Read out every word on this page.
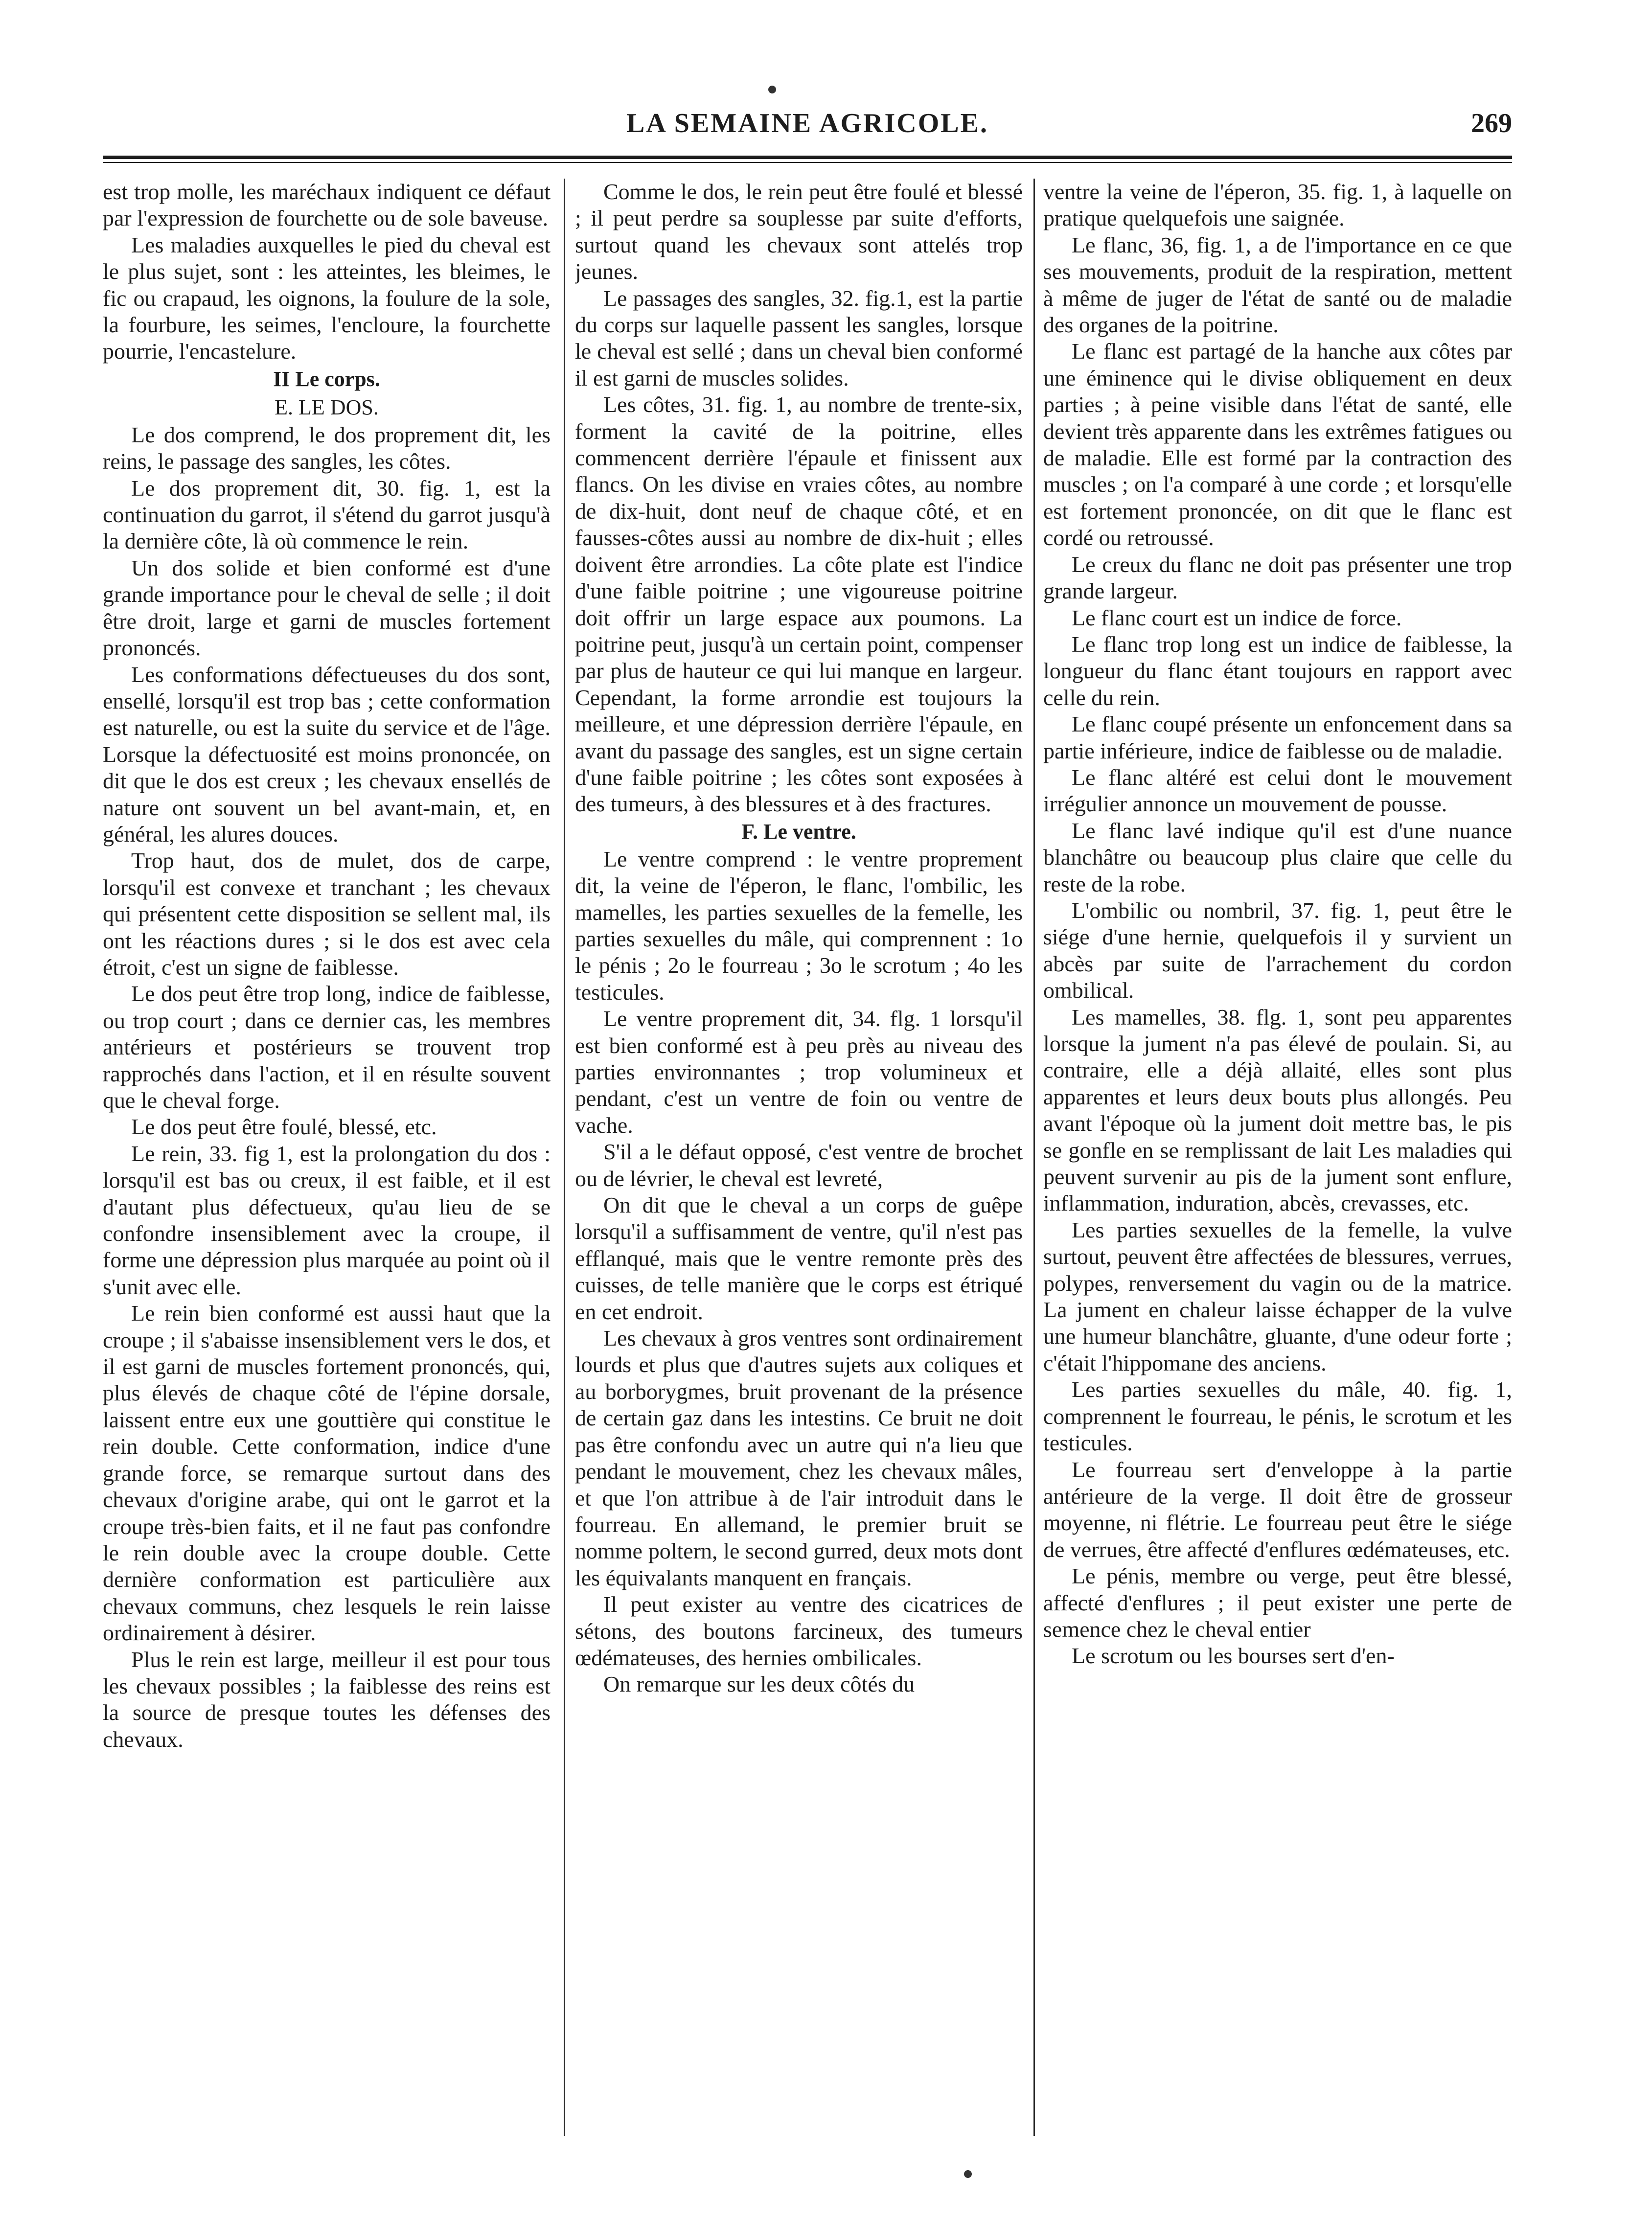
LA SEMAINE AGRICOLE.	269

est trop molle, les maréchaux indiquent ce défaut par l'expression de fourchette ou de sole baveuse.

Les maladies auxquelles le pied du cheval est le plus sujet, sont : les atteintes, les bleimes, le fic ou crapaud, les oignons, la foulure de la sole, la fourbure, les seimes, l'encloure, la fourchette pourrie, l'encastelure.

II Le corps.

E. LE DOS.

Le dos comprend, le dos proprement dit, les reins, le passage des sangles, les côtes.

Le dos proprement dit, 30. fig. 1, est la continuation du garrot, il s'étend du garrot jusqu'à la dernière côte, là où commence le rein.

Un dos solide et bien conformé est d'une grande importance pour le cheval de selle ; il doit être droit, large et garni de muscles fortement prononcés.

Les conformations défectueuses du dos sont, ensellé, lorsqu'il est trop bas ; cette conformation est naturelle, ou est la suite du service et de l'âge. Lorsque la défectuosité est moins prononcée, on dit que le dos est creux ; les chevaux ensellés de nature ont souvent un bel avant-main, et, en général, les alures douces.

Trop haut, dos de mulet, dos de carpe, lorsqu'il est convexe et tranchant ; les chevaux qui présentent cette disposition se sellent mal, ils ont les réactions dures ; si le dos est avec cela étroit, c'est un signe de faiblesse.

Le dos peut être trop long, indice de faiblesse, ou trop court ; dans ce dernier cas, les membres antérieurs et postérieurs se trouvent trop rapprochés dans l'action, et il en résulte souvent que le cheval forge.

Le dos peut être foulé, blessé, etc.

Le rein, 33. fig 1, est la prolongation du dos : lorsqu'il est bas ou creux, il est faible, et il est d'autant plus défectueux, qu'au lieu de se confondre insensiblement avec la croupe, il forme une dépression plus marquée au point où il s'unit avec elle.

Le rein bien conformé est aussi haut que la croupe ; il s'abaisse insensiblement vers le dos, et il est garni de muscles fortement prononcés, qui, plus élevés de chaque côté de l'épine dorsale, laissent entre eux une gouttière qui constitue le rein double. Cette conformation, indice d'une grande force, se remarque surtout dans des chevaux d'origine arabe, qui ont le garrot et la croupe très-bien faits, et il ne faut pas confondre le rein double avec la croupe double. Cette dernière conformation est particulière aux chevaux communs, chez lesquels le rein laisse ordinairement à désirer.

Plus le rein est large, meilleur il est pour tous les chevaux possibles ; la faiblesse des reins est la source de presque toutes les défenses des chevaux.

Comme le dos, le rein peut être foulé et blessé ; il peut perdre sa souplesse par suite d'efforts, surtout quand les chevaux sont attelés trop jeunes.

Le passages des sangles, 32. fig.1, est la partie du corps sur laquelle passent les sangles, lorsque le cheval est sellé ; dans un cheval bien conformé il est garni de muscles solides.

Les côtes, 31. fig. 1, au nombre de trente-six, forment la cavité de la poitrine, elles commencent derrière l'épaule et finissent aux flancs. On les divise en vraies côtes, au nombre de dix-huit, dont neuf de chaque côté, et en fausses-côtes aussi au nombre de dix-huit ; elles doivent être arrondies. La côte plate est l'indice d'une faible poitrine ; une vigoureuse poitrine doit offrir un large espace aux poumons. La poitrine peut, jusqu'à un certain point, compenser par plus de hauteur ce qui lui manque en largeur. Cependant, la forme arrondie est toujours la meilleure, et une dépression derrière l'épaule, en avant du passage des sangles, est un signe certain d'une faible poitrine ; les côtes sont exposées à des tumeurs, à des blessures et à des fractures.

F. Le ventre.

Le ventre comprend : le ventre proprement dit, la veine de l'éperon, le flanc, l'ombilic, les mamelles, les parties sexuelles de la femelle, les parties sexuelles du mâle, qui comprennent : 1o le pénis ; 2o le fourreau ; 3o le scrotum ; 4o les testicules.

Le ventre proprement dit, 34. flg. 1 lorsqu'il est bien conformé est à peu près au niveau des parties environnantes ; trop volumineux et pendant, c'est un ventre de foin ou ventre de vache.

S'il a le défaut opposé, c'est ventre de brochet ou de lévrier, le cheval est levreté,

On dit que le cheval a un corps de guêpe lorsqu'il a suffisamment de ventre, qu'il n'est pas efflanqué, mais que le ventre remonte près des cuisses, de telle manière que le corps est étriqué en cet endroit.

Les chevaux à gros ventres sont ordinairement lourds et plus que d'autres sujets aux coliques et au borborygmes, bruit provenant de la présence de certain gaz dans les intestins. Ce bruit ne doit pas être confondu avec un autre qui n'a lieu que pendant le mouvement, chez les chevaux mâles, et que l'on attribue à de l'air introduit dans le fourreau. En allemand, le premier bruit se nomme poltern, le second gurred, deux mots dont les équivalants manquent en français.

Il peut exister au ventre des cicatrices de sétons, des boutons farcineux, des tumeurs œdémateuses, des hernies ombilicales.

On remarque sur les deux côtés du

ventre la veine de l'éperon, 35. fig. 1, à laquelle on pratique quelquefois une saignée.

Le flanc, 36, fig. 1, a de l'importance en ce que ses mouvements, produit de la respiration, mettent à même de juger de l'état de santé ou de maladie des organes de la poitrine.

Le flanc est partagé de la hanche aux côtes par une éminence qui le divise obliquement en deux parties ; à peine visible dans l'état de santé, elle devient très apparente dans les extrêmes fatigues ou de maladie. Elle est formé par la contraction des muscles ; on l'a comparé à une corde ; et lorsqu'elle est fortement prononcée, on dit que le flanc est cordé ou retroussé.

Le creux du flanc ne doit pas présenter une trop grande largeur.

Le flanc court est un indice de force.

Le flanc trop long est un indice de faiblesse, la longueur du flanc étant toujours en rapport avec celle du rein.

Le flanc coupé présente un enfoncement dans sa partie inférieure, indice de faiblesse ou de maladie.

Le flanc altéré est celui dont le mouvement irrégulier annonce un mouvement de pousse.

Le flanc lavé indique qu'il est d'une nuance blanchâtre ou beaucoup plus claire que celle du reste de la robe.

L'ombilic ou nombril, 37. fig. 1, peut être le siége d'une hernie, quelquefois il y survient un abcès par suite de l'arrachement du cordon ombilical.

Les mamelles, 38. flg. 1, sont peu apparentes lorsque la jument n'a pas élevé de poulain. Si, au contraire, elle a déjà allaité, elles sont plus apparentes et leurs deux bouts plus allongés. Peu avant l'époque où la jument doit mettre bas, le pis se gonfle en se remplissant de lait Les maladies qui peuvent survenir au pis de la jument sont enflure, inflammation, induration, abcès, crevasses, etc.

Les parties sexuelles de la femelle, la vulve surtout, peuvent être affectées de blessures, verrues, polypes, renversement du vagin ou de la matrice. La jument en chaleur laisse échapper de la vulve une humeur blanchâtre, gluante, d'une odeur forte ; c'était l'hippomane des anciens.

Les parties sexuelles du mâle, 40. fig. 1, comprennent le fourreau, le pénis, le scrotum et les testicules.

Le fourreau sert d'enveloppe à la partie antérieure de la verge. Il doit être de grosseur moyenne, ni flétrie. Le fourreau peut être le siége de verrues, être affecté d'enflures œdémateuses, etc.

Le pénis, membre ou verge, peut être blessé, affecté d'enflures ; il peut exister une perte de semence chez le cheval entier

Le scrotum ou les bourses sert d'en-
